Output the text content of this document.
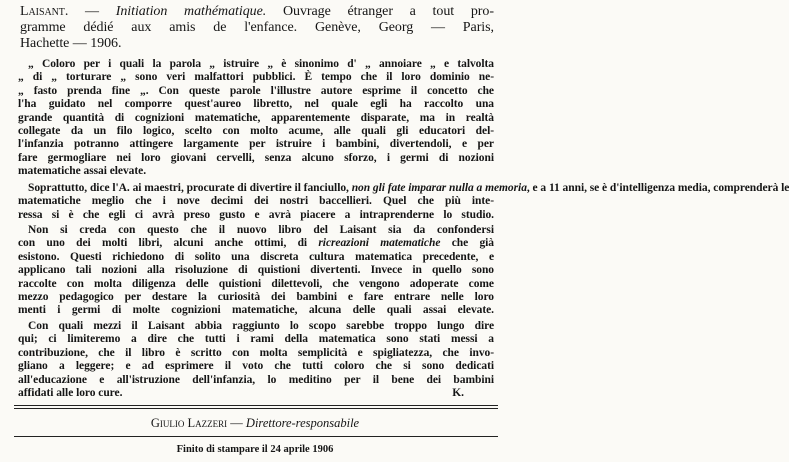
Laisant. — Initiation mathématique. Ouvrage étranger a tout pro-
gramme dédié aux amis de l'enfance. Genève, Georg — Paris,
Hachette — 1906.
„ Coloro per i quali la parola „ istruire „ è sinonimo d' „ annoiare „ e talvolta
„ di „ torturare „ sono veri malfattori pubblici. È tempo che il loro dominio ne-
„ fasto prenda fine „. Con queste parole l'illustre autore esprime il concetto che
l'ha guidato nel comporre quest'aureo libretto, nel quale egli ha raccolto una
grande quantità di cognizioni matematiche, apparentemente disparate, ma in realtà
collegate da un filo logico, scelto con molto acume, alle quali gli educatori del-
l'infanzia potranno attingere largamente per istruire i bambini, divertendoli, e per
fare germogliare nei loro giovani cervelli, senza alcuno sforzo, i germi di nozioni
matematiche assai elevate.
Soprattutto, dice l'A. ai maestri, procurate di divertire il fanciullo, non gli fate imparar nulla a memoria, e a 11 anni, se è d'intelligenza media, comprenderà le
matematiche meglio che i nove decimi dei nostri baccellieri. Quel che più inte-
ressa si è che egli ci avrà preso gusto e avrà piacere a intraprenderne lo studio.
Non si creda con questo che il nuovo libro del Laisant sia da confondersi
con uno dei molti libri, alcuni anche ottimi, di ricreazioni matematiche che già
esistono. Questi richiedono di solito una discreta cultura matematica precedente, e
applicano tali nozioni alla risoluzione di quistioni divertenti. Invece in quello sono
raccolte con molta diligenza delle quistioni dilettevoli, che vengono adoperate come
mezzo pedagogico per destare la curiosità dei bambini e fare entrare nelle loro
menti i germi di molte cognizioni matematiche, alcuna delle quali assai elevate.
Con quali mezzi il Laisant abbia raggiunto lo scopo sarebbe troppo lungo dire
qui; ci limiteremo a dire che tutti i rami della matematica sono stati messi a
contribuzione, che il libro è scritto con molta semplicità e spigliatezza, che invo-
gliano a leggere; e ad esprimere il voto che tutti coloro che si sono dedicati
all'educazione e all'istruzione dell'infanzia, lo meditino per il bene dei bambini
affidati alle loro cure.	K.
Giulio Lazzeri — Direttore-responsabile
Finito di stampare il 24 aprile 1906
